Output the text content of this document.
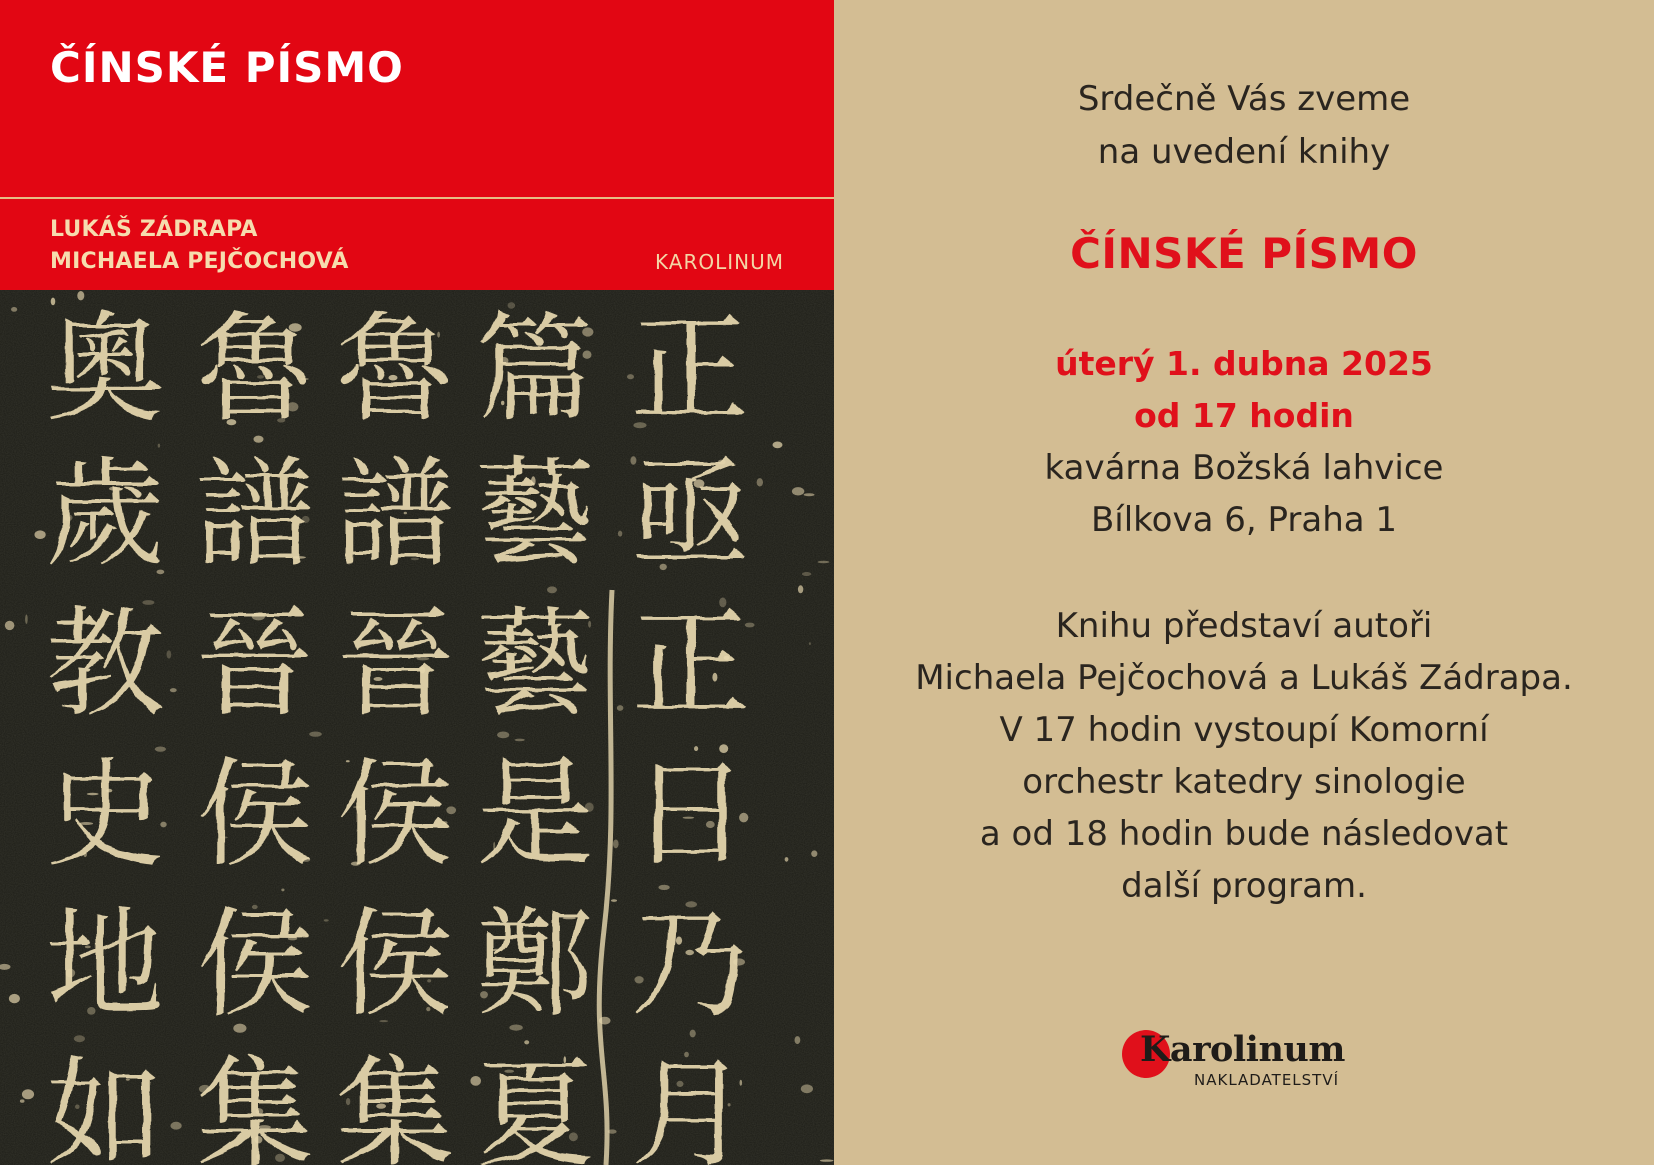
ČÍNSKÉ PÍSMO
LUKÁŠ ZÁDRAPA
MICHAELA PEJČOCHOVÁ	KAROLINUM
奧
歲
教
史
地
如
魯
譜
晉
侯
侯
集
魯
譜
晉
侯
侯
集
篇
藝
藝
是
鄭
夏
正
亟
正
日
乃
月
Srdečně Vás zveme
na uvedení knihy
ČÍNSKÉ PÍSMO
úterý 1. dubna 2025
od 17 hodin
kavárna Božská lahvice
Bílkova 6, Praha 1
Knihu představí autoři
Michaela Pejčochová a Lukáš Zádrapa.
V 17 hodin vystoupí Komorní
orchestr katedry sinologie
a od 18 hodin bude následovat
další program.
Karolinum
NAKLADATELSTVÍ
